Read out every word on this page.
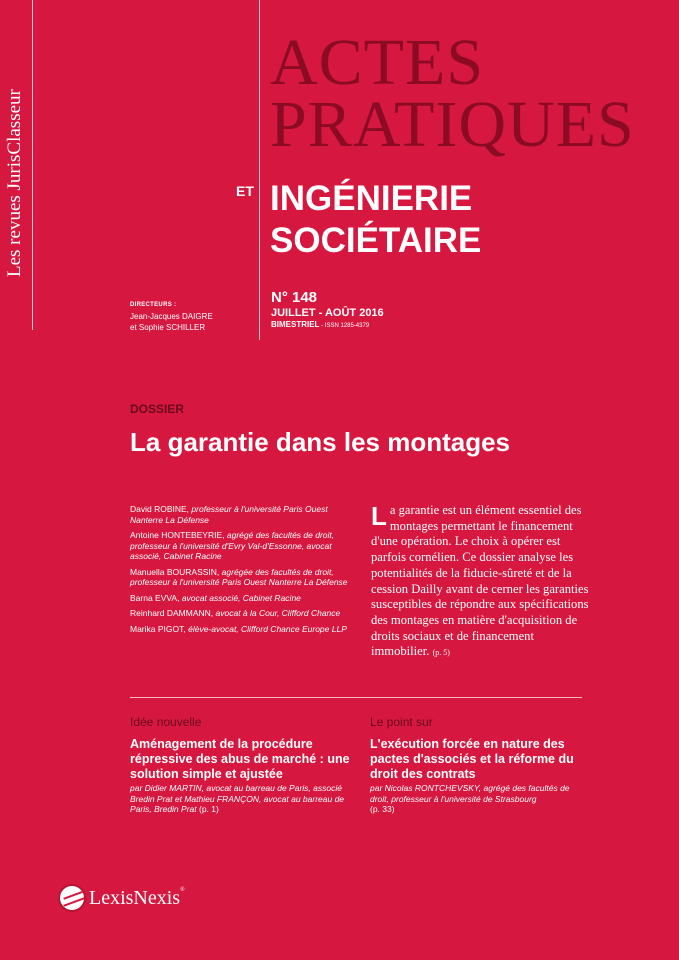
Les revues JurisClasseur
ACTES
PRATIQUES
ET INGÉNIERIE
SOCIÉTAIRE
DIRECTEURS :
Jean-Jacques DAIGRE
et Sophie SCHILLER
N° 148
JUILLET - AOÛT 2016
BIMESTRIEL - ISSN 1285-4379
DOSSIER
La garantie dans les montages
David ROBINE, professeur à l'université Paris Ouest Nanterre La Défense
Antoine HONTEBEYRIE, agrégé des facultés de droit, professeur à l'université d'Evry Val-d'Essonne, avocat associé, Cabinet Racine
Manuella BOURASSIN, agrégée des facultés de droit, professeur à l'université Paris Ouest Nanterre La Défense
Barna EVVA, avocat associé, Cabinet Racine
Reinhard DAMMANN, avocat à la Cour, Clifford Chance
Marika PIGOT, élève-avocat, Clifford Chance Europe LLP
La garantie est un élément essentiel des montages permettant le financement d'une opération. Le choix à opérer est parfois cornélien. Ce dossier analyse les potentialités de la fiducie-sûreté et de la cession Dailly avant de cerner les garanties susceptibles de répondre aux spécifications des montages en matière d'acquisition de droits sociaux et de financement immobilier. (p. 5)
Idée nouvelle
Aménagement de la procédure répressive des abus de marché : une solution simple et ajustée
par Didier MARTIN, avocat au barreau de Paris, associé Bredin Prat et Mathieu FRANÇON, avocat au barreau de Paris, Bredin Prat (p. 1)
Le point sur
L'exécution forcée en nature des pactes d'associés et la réforme du droit des contrats
par Nicolas RONTCHEVSKY, agrégé des facultés de droit, professeur à l'université de Strasbourg
(p. 33)
LexisNexis®
